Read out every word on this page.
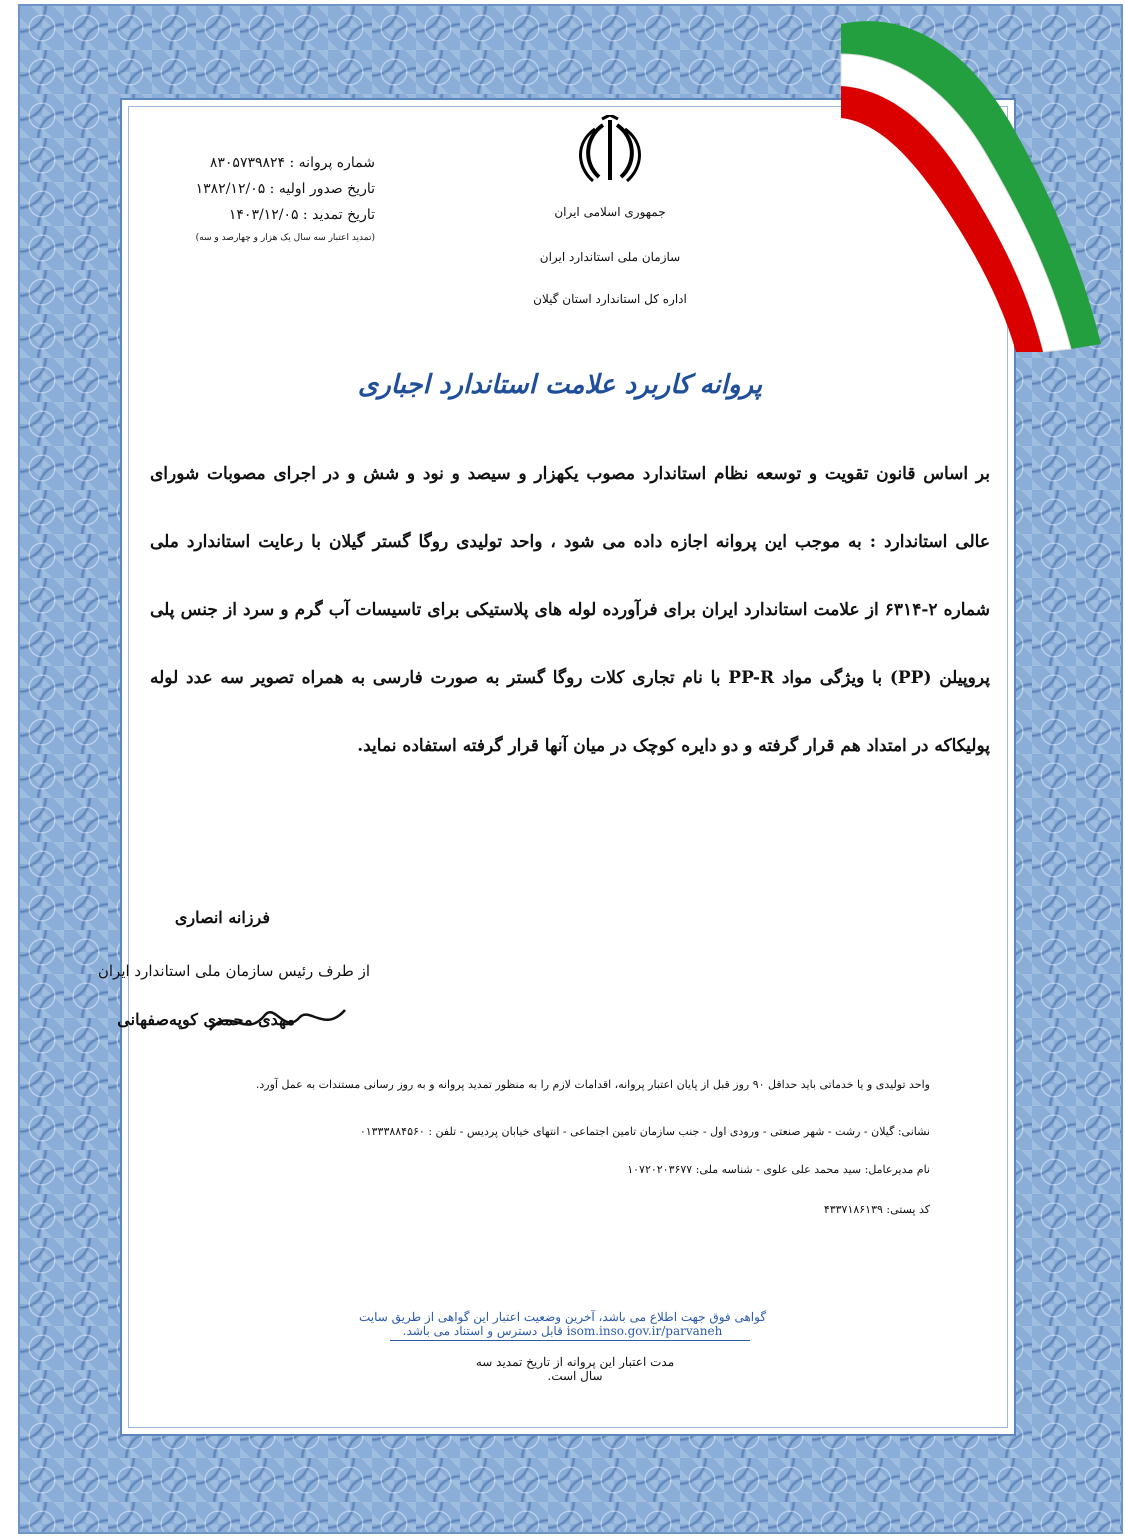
☫
جمهوری اسلامی ایران
سازمان ملی استاندارد ایران
اداره کل استاندارد استان گیلان
شماره پروانه : ۸۳۰۵۷۳۹۸۲۴
تاریخ صدور اولیه : ۱۳۸۲/۱۲/۰۵
تاریخ تمدید : ۱۴۰۳/۱۲/۰۵
(تمدید اعتبار سه سال یک هزار و چهارصد و سه)
پروانه کاربرد علامت استاندارد اجباری
بر اساس قانون تقویت و توسعه نظام استاندارد مصوب یکهزار و سیصد و نود و شش و در اجرای مصوبات شورای عالی استاندارد : به موجب این پروانه اجازه داده می شود ، واحد تولیدی روگا گستر گیلان با رعایت استاندارد ملی شماره ۲-۶۳۱۴ از علامت استاندارد ایران برای فرآورده لوله های پلاستیکی برای تاسیسات آب گرم و سرد از جنس پلی پروپیلن (PP) با ویژگی مواد PP-R با نام تجاری کلات روگا گستر به صورت فارسی به همراه تصویر سه عدد لوله پولیکاکه در امتداد هم قرار گرفته و دو دایره کوچک در میان آنها قرار گرفته استفاده نماید.
فرزانه انصاری
از طرف رئیس سازمان ملی استاندارد ایران
مهدی محمدی کوپه‌صفهانی
واحد تولیدی و یا خدماتی باید حداقل ۹۰ روز قبل از پایان اعتبار پروانه، اقدامات لازم را به منظور تمدید پروانه و به روز رسانی مستندات به عمل آورد.
نشانی: گیلان - رشت - شهر صنعتی - ورودی اول - جنب سازمان تامین اجتماعی - انتهای خیابان پردیس - تلفن : ۰۱۳۳۳۸۸۴۵۶۰
نام مدیرعامل: سید محمد علی علوی - شناسه ملی: ۱۰۷۲۰۲۰۳۶۷۷
کد پستی: ۴۳۳۷۱۸۶۱۳۹
گواهی فوق جهت اطلاع می باشد، آخرین وضعیت اعتبار این گواهی از طریق سایت isom.inso.gov.ir/parvaneh قابل دسترس و استناد می باشد.
مدت اعتبار این پروانه از تاریخ تمدید سه سال است.
